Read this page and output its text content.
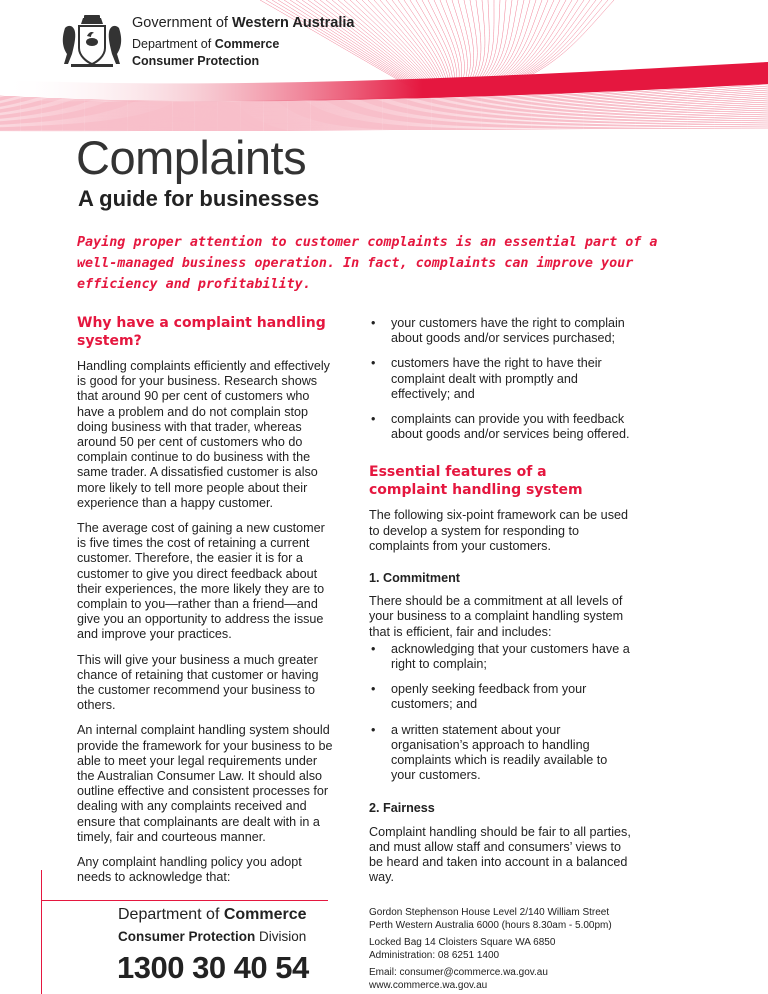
Government of Western Australia
Department of Commerce
Consumer Protection
Complaints
A guide for businesses
Paying proper attention to customer complaints is an essential part of a well-managed business operation. In fact, complaints can improve your efficiency and profitability.
Why have a complaint handling system?

Handling complaints efficiently and effectively is good for your business. Research shows that around 90 per cent of customers who have a problem and do not complain stop doing business with that trader, whereas around 50 per cent of customers who do complain continue to do business with the same trader. A dissatisfied customer is also more likely to tell more people about their experience than a happy customer.

The average cost of gaining a new customer is five times the cost of retaining a current customer. Therefore, the easier it is for a customer to give you direct feedback about their experiences, the more likely they are to complain to you—rather than a friend—and give you an opportunity to address the issue and improve your practices.

This will give your business a much greater chance of retaining that customer or having the customer recommend your business to others.

An internal complaint handling system should provide the framework for your business to be able to meet your legal requirements under the Australian Consumer Law. It should also outline effective and consistent processes for dealing with any complaints received and ensure that complainants are dealt with in a timely, fair and courteous manner.

Any complaint handling policy you adopt needs to acknowledge that:

• your customers have the right to complain about goods and/or services purchased;
• customers have the right to have their complaint dealt with promptly and effectively; and
• complaints can provide you with feedback about goods and/or services being offered.
Essential features of a complaint handling system

The following six-point framework can be used to develop a system for responding to complaints from your customers.

1. Commitment

There should be a commitment at all levels of your business to a complaint handling system that is efficient, fair and includes:

• acknowledging that your customers have a right to complain;
• openly seeking feedback from your customers; and
• a written statement about your organisation’s approach to handling complaints which is readily available to your customers.
2. Fairness

Complaint handling should be fair to all parties, and must allow staff and consumers’ views to be heard and taken into account in a balanced way.

Department of Commerce
Consumer Protection Division
1300 30 40 54
Gordon Stephenson House Level 2/140 William Street
Perth Western Australia 6000 (hours 8.30am - 5.00pm)
Locked Bag 14 Cloisters Square WA 6850
Administration: 08 6251 1400
Email: consumer@commerce.wa.gov.au
www.commerce.wa.gov.au
